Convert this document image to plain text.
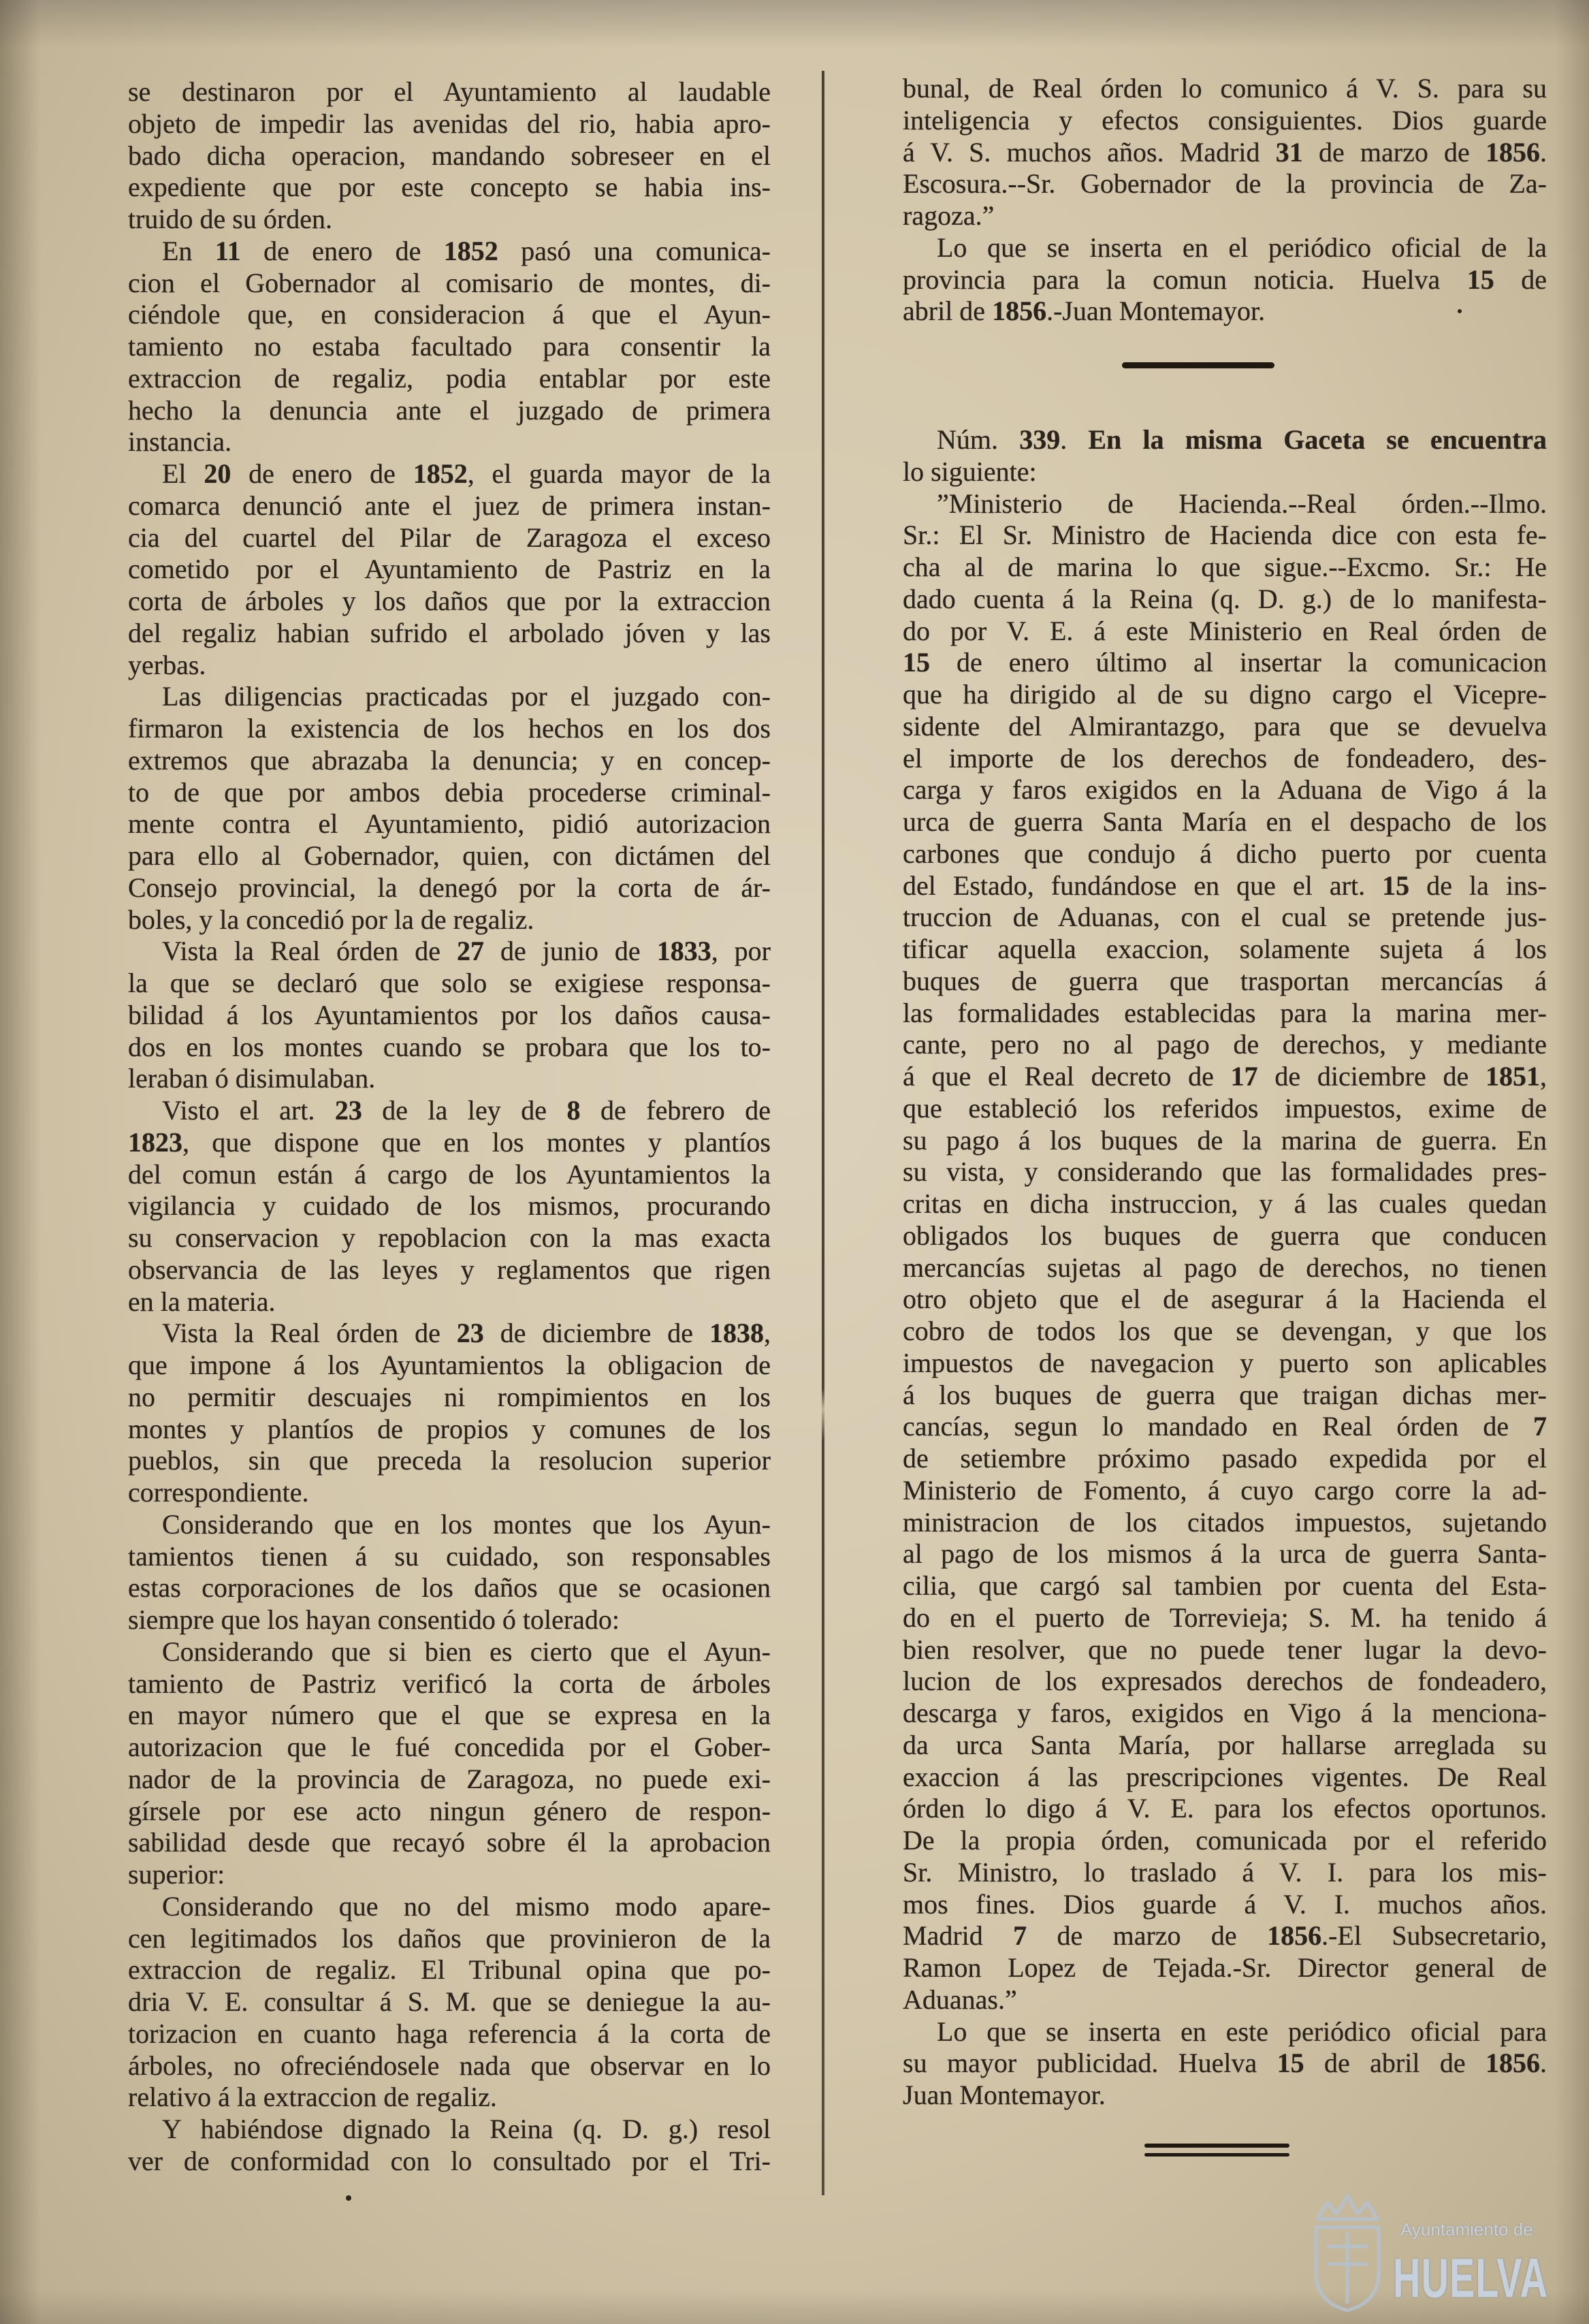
se destinaron por el Ayuntamiento al laudable
objeto de impedir las avenidas del rio, habia apro-
bado dicha operacion, mandando sobreseer en el
expediente que por este concepto se habia ins-
truido de su órden.
En 11 de enero de 1852 pasó una comunica-
cion el Gobernador al comisario de montes, di-
ciéndole que, en consideracion á que el Ayun-
tamiento no estaba facultado para consentir la
extraccion de regaliz, podia entablar por este
hecho la denuncia ante el juzgado de primera
instancia.
El 20 de enero de 1852, el guarda mayor de la
comarca denunció ante el juez de primera instan-
cia del cuartel del Pilar de Zaragoza el exceso
cometido por el Ayuntamiento de Pastriz en la
corta de árboles y los daños que por la extraccion
del regaliz habian sufrido el arbolado jóven y las
yerbas.
Las diligencias practicadas por el juzgado con-
firmaron la existencia de los hechos en los dos
extremos que abrazaba la denuncia; y en concep-
to de que por ambos debia procederse criminal-
mente contra el Ayuntamiento, pidió autorizacion
para ello al Gobernador, quien, con dictámen del
Consejo provincial, la denegó por la corta de ár-
boles, y la concedió por la de regaliz.
Vista la Real órden de 27 de junio de 1833, por
la que se declaró que solo se exigiese responsa-
bilidad á los Ayuntamientos por los daños causa-
dos en los montes cuando se probara que los to-
leraban ó disimulaban.
Visto el art. 23 de la ley de 8 de febrero de
1823, que dispone que en los montes y plantíos
del comun están á cargo de los Ayuntamientos la
vigilancia y cuidado de los mismos, procurando
su conservacion y repoblacion con la mas exacta
observancia de las leyes y reglamentos que rigen
en la materia.
Vista la Real órden de 23 de diciembre de 1838,
que impone á los Ayuntamientos la obligacion de
no permitir descuajes ni rompimientos en los
montes y plantíos de propios y comunes de los
pueblos, sin que preceda la resolucion superior
correspondiente.
Considerando que en los montes que los Ayun-
tamientos tienen á su cuidado, son responsables
estas corporaciones de los daños que se ocasionen
siempre que los hayan consentido ó tolerado:
Considerando que si bien es cierto que el Ayun-
tamiento de Pastriz verificó la corta de árboles
en mayor número que el que se expresa en la
autorizacion que le fué concedida por el Gober-
nador de la provincia de Zaragoza, no puede exi-
gírsele por ese acto ningun género de respon-
sabilidad desde que recayó sobre él la aprobacion
superior:
Considerando que no del mismo modo apare-
cen legitimados los daños que provinieron de la
extraccion de regaliz. El Tribunal opina que po-
dria V. E. consultar á S. M. que se deniegue la au-
torizacion en cuanto haga referencia á la corta de
árboles, no ofreciéndosele nada que observar en lo
relativo á la extraccion de regaliz.
Y habiéndose dignado la Reina (q. D. g.) resol
ver de conformidad con lo consultado por el Tri-
bunal, de Real órden lo comunico á V. S. para su
inteligencia y efectos consiguientes. Dios guarde
á V. S. muchos años. Madrid 31 de marzo de 1856.
Escosura.--Sr. Gobernador de la provincia de Za-
ragoza.”
Lo que se inserta en el periódico oficial de la
provincia para la comun noticia. Huelva 15 de
abril de 1856.-Juan Montemayor.
Núm. 339. En la misma Gaceta se encuentra
lo siguiente:
”Ministerio de Hacienda.--Real órden.--Ilmo.
Sr.: El Sr. Ministro de Hacienda dice con esta fe-
cha al de marina lo que sigue.--Excmo. Sr.: He
dado cuenta á la Reina (q. D. g.) de lo manifesta-
do por V. E. á este Ministerio en Real órden de
15 de enero último al insertar la comunicacion
que ha dirigido al de su digno cargo el Vicepre-
sidente del Almirantazgo, para que se devuelva
el importe de los derechos de fondeadero, des-
carga y faros exigidos en la Aduana de Vigo á la
urca de guerra Santa María en el despacho de los
carbones que condujo á dicho puerto por cuenta
del Estado, fundándose en que el art. 15 de la ins-
truccion de Aduanas, con el cual se pretende jus-
tificar aquella exaccion, solamente sujeta á los
buques de guerra que trasportan mercancías á
las formalidades establecidas para la marina mer-
cante, pero no al pago de derechos, y mediante
á que el Real decreto de 17 de diciembre de 1851,
que estableció los referidos impuestos, exime de
su pago á los buques de la marina de guerra. En
su vista, y considerando que las formalidades pres-
critas en dicha instruccion, y á las cuales quedan
obligados los buques de guerra que conducen
mercancías sujetas al pago de derechos, no tienen
otro objeto que el de asegurar á la Hacienda el
cobro de todos los que se devengan, y que los
impuestos de navegacion y puerto son aplicables
á los buques de guerra que traigan dichas mer-
cancías, segun lo mandado en Real órden de 7
de setiembre próximo pasado expedida por el
Ministerio de Fomento, á cuyo cargo corre la ad-
ministracion de los citados impuestos, sujetando
al pago de los mismos á la urca de guerra Santa-
cilia, que cargó sal tambien por cuenta del Esta-
do en el puerto de Torrevieja; S. M. ha tenido á
bien resolver, que no puede tener lugar la devo-
lucion de los expresados derechos de fondeadero,
descarga y faros, exigidos en Vigo á la menciona-
da urca Santa María, por hallarse arreglada su
exaccion á las prescripciones vigentes. De Real
órden lo digo á V. E. para los efectos oportunos.
De la propia órden, comunicada por el referido
Sr. Ministro, lo traslado á V. I. para los mis-
mos fines. Dios guarde á V. I. muchos años.
Madrid 7 de marzo de 1856.-El Subsecretario,
Ramon Lopez de Tejada.-Sr. Director general de
Aduanas.”
Lo que se inserta en este periódico oficial para
su mayor publicidad. Huelva 15 de abril de 1856.
Juan Montemayor.
Ayuntamiento de
HUELVA
